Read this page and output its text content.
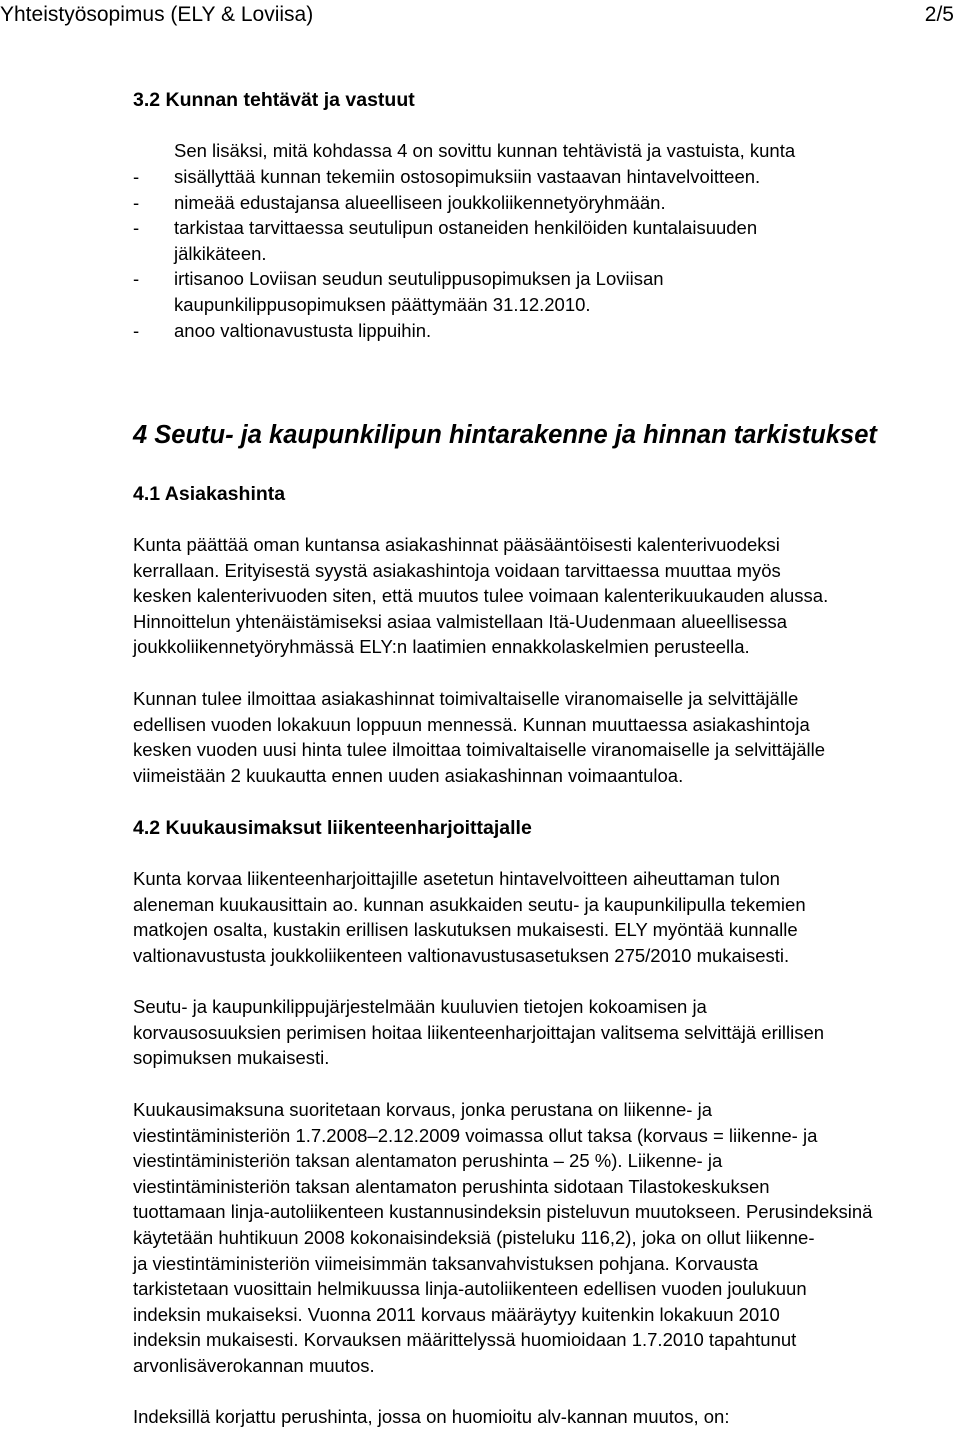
Yhteistyösopimus (ELY & Loviisa)	2/5
3.2 Kunnan tehtävät ja vastuut
Sen lisäksi, mitä kohdassa 4 on sovittu kunnan tehtävistä ja vastuista, kunta
- sisällyttää kunnan tekemiin ostosopimuksiin vastaavan hintavelvoitteen.
- nimeää edustajansa alueelliseen joukkoliikennetyöryhmään.
- tarkistaa tarvittaessa seutulipun ostaneiden henkilöiden kuntalaisuuden
jälkikäteen.
- irtisanoo Loviisan seudun seutulippusopimuksen ja Loviisan
kaupunkilippusopimuksen päättymään 31.12.2010.
- anoo valtionavustusta lippuihin.
4 Seutu- ja kaupunkilipun hintarakenne ja hinnan tarkistukset
4.1 Asiakashinta

Kunta päättää oman kuntansa asiakashinnat pääsääntöisesti kalenterivuodeksi
kerrallaan. Erityisestä syystä asiakashintoja voidaan tarvittaessa muuttaa myös
kesken kalenterivuoden siten, että muutos tulee voimaan kalenterikuukauden alussa.
Hinnoittelun yhtenäistämiseksi asiaa valmistellaan Itä-Uudenmaan alueellisessa
joukkoliikennetyöryhmässä ELY:n laatimien ennakkolaskelmien perusteella.

Kunnan tulee ilmoittaa asiakashinnat toimivaltaiselle viranomaiselle ja selvittäjälle
edellisen vuoden lokakuun loppuun mennessä. Kunnan muuttaessa asiakashintoja
kesken vuoden uusi hinta tulee ilmoittaa toimivaltaiselle viranomaiselle ja selvittäjälle
viimeistään 2 kuukautta ennen uuden asiakashinnan voimaantuloa.

4.2 Kuukausimaksut liikenteenharjoittajalle

Kunta korvaa liikenteenharjoittajille asetetun hintavelvoitteen aiheuttaman tulon
aleneman kuukausittain ao. kunnan asukkaiden seutu- ja kaupunkilipulla tekemien
matkojen osalta, kustakin erillisen laskutuksen mukaisesti. ELY myöntää kunnalle
valtionavustusta joukkoliikenteen valtionavustusasetuksen 275/2010 mukaisesti.

Seutu- ja kaupunkilippujärjestelmään kuuluvien tietojen kokoamisen ja
korvausosuuksien perimisen hoitaa liikenteenharjoittajan valitsema selvittäjä erillisen
sopimuksen mukaisesti.

Kuukausimaksuna suoritetaan korvaus, jonka perustana on liikenne- ja
viestintäministeriön 1.7.2008–2.12.2009 voimassa ollut taksa (korvaus = liikenne- ja
viestintäministeriön taksan alentamaton perushinta – 25 %). Liikenne- ja
viestintäministeriön taksan alentamaton perushinta sidotaan Tilastokeskuksen
tuottamaan linja-autoliikenteen kustannusindeksin pisteluvun muutokseen. Perusindeksinä
käytetään huhtikuun 2008 kokonaisindeksiä (pisteluku 116,2), joka on ollut liikenne-
ja viestintäministeriön viimeisimmän taksanvahvistuksen pohjana. Korvausta
tarkistetaan vuosittain helmikuussa linja-autoliikenteen edellisen vuoden joulukuun
indeksin mukaiseksi. Vuonna 2011 korvaus määräytyy kuitenkin lokakuun 2010
indeksin mukaisesti. Korvauksen määrittelyssä huomioidaan 1.7.2010 tapahtunut
arvonlisäverokannan muutos.

Indeksillä korjattu perushinta, jossa on huomioitu alv-kannan muutos, on:
